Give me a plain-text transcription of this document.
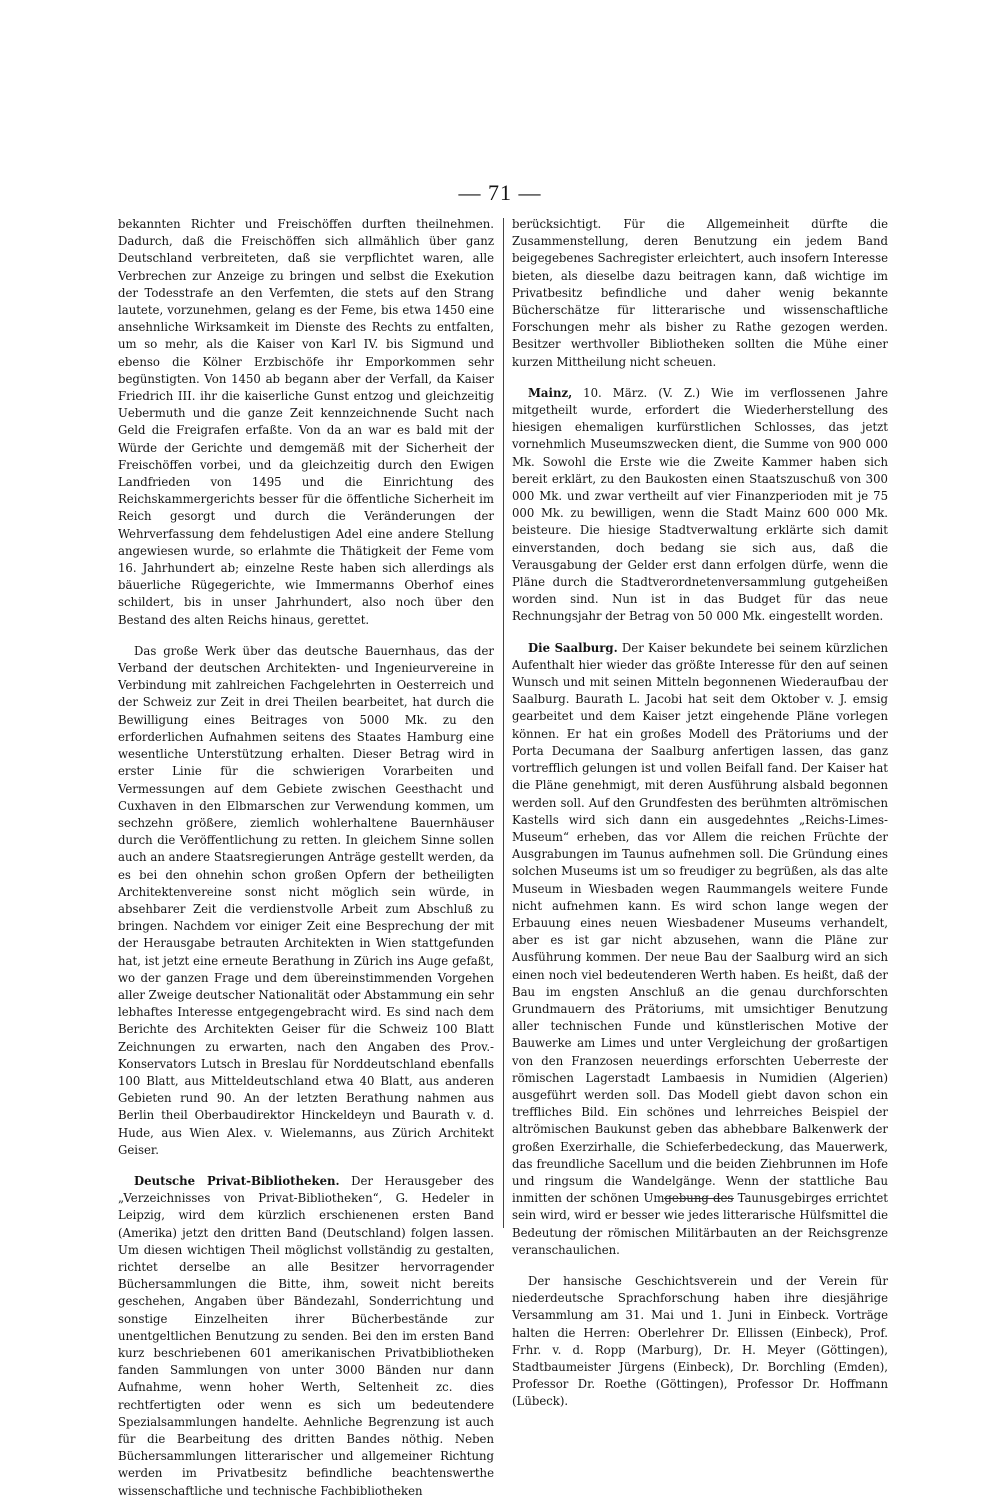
— 71 —

bekannten Richter und Freischöffen durften theilnehmen. Dadurch, daß die Freischöffen sich allmählich über ganz Deutschland verbreiteten, daß sie verpflichtet waren, alle Verbrechen zur Anzeige zu bringen und selbst die Exekution der Todesstrafe an den Verfemten, die stets auf den Strang lautete, vorzunehmen, gelang es der Feme, bis etwa 1450 eine ansehnliche Wirksamkeit im Dienste des Rechts zu entfalten, um so mehr, als die Kaiser von Karl IV. bis Sigmund und ebenso die Kölner Erzbischöfe ihr Emporkommen sehr begünstigten. Von 1450 ab begann aber der Verfall, da Kaiser Friedrich III. ihr die kaiserliche Gunst entzog und gleichzeitig Uebermuth und die ganze Zeit kennzeichnende Sucht nach Geld die Freigrafen erfaßte. Von da an war es bald mit der Würde der Gerichte und demgemäß mit der Sicherheit der Freischöffen vorbei, und da gleichzeitig durch den Ewigen Landfrieden von 1495 und die Einrichtung des Reichskammergerichts besser für die öffentliche Sicherheit im Reich gesorgt und durch die Veränderungen der Wehrverfassung dem fehdelustigen Adel eine andere Stellung angewiesen wurde, so erlahmte die Thätigkeit der Feme vom 16. Jahrhundert ab; einzelne Reste haben sich allerdings als bäuerliche Rügegerichte, wie Immermanns Oberhof eines schildert, bis in unser Jahrhundert, also noch über den Bestand des alten Reichs hinaus, gerettet.

Das große Werk über das deutsche Bauernhaus, das der Verband der deutschen Architekten- und Ingenieurvereine in Verbindung mit zahlreichen Fachgelehrten in Oesterreich und der Schweiz zur Zeit in drei Theilen bearbeitet, hat durch die Bewilligung eines Beitrages von 5000 Mk. zu den erforderlichen Aufnahmen seitens des Staates Hamburg eine wesentliche Unterstützung erhalten. Dieser Betrag wird in erster Linie für die schwierigen Vorarbeiten und Vermessungen auf dem Gebiete zwischen Geesthacht und Cuxhaven in den Elbmarschen zur Verwendung kommen, um sechzehn größere, ziemlich wohlerhaltene Bauernhäuser durch die Veröffentlichung zu retten. In gleichem Sinne sollen auch an andere Staatsregierungen Anträge gestellt werden, da es bei den ohnehin schon großen Opfern der betheiligten Architektenvereine sonst nicht möglich sein würde, in absehbarer Zeit die verdienstvolle Arbeit zum Abschluß zu bringen. Nachdem vor einiger Zeit eine Besprechung der mit der Herausgabe betrauten Architekten in Wien stattgefunden hat, ist jetzt eine erneute Berathung in Zürich ins Auge gefaßt, wo der ganzen Frage und dem übereinstimmenden Vorgehen aller Zweige deutscher Nationalität oder Abstammung ein sehr lebhaftes Interesse entgegengebracht wird. Es sind nach dem Berichte des Architekten Geiser für die Schweiz 100 Blatt Zeichnungen zu erwarten, nach den Angaben des Prov.-Konservators Lutsch in Breslau für Norddeutschland ebenfalls 100 Blatt, aus Mitteldeutschland etwa 40 Blatt, aus anderen Gebieten rund 90. An der letzten Berathung nahmen aus Berlin theil Oberbaudirektor Hinckeldeyn und Baurath v. d. Hude, aus Wien Alex. v. Wielemanns, aus Zürich Architekt Geiser.

Deutsche Privat-Bibliotheken. Der Herausgeber des „Verzeichnisses von Privat-Bibliotheken“, G. Hedeler in Leipzig, wird dem kürzlich erschienenen ersten Band (Amerika) jetzt den dritten Band (Deutschland) folgen lassen. Um diesen wichtigen Theil möglichst vollständig zu gestalten, richtet derselbe an alle Besitzer hervorragender Büchersammlungen die Bitte, ihm, soweit nicht bereits geschehen, Angaben über Bändezahl, Sonderrichtung und sonstige Einzelheiten ihrer Bücherbestände zur unentgeltlichen Benutzung zu senden. Bei den im ersten Band kurz beschriebenen 601 amerikanischen Privatbibliotheken fanden Sammlungen von unter 3000 Bänden nur dann Aufnahme, wenn hoher Werth, Seltenheit zc. dies rechtfertigten oder wenn es sich um bedeutendere Spezialsammlungen handelte. Aehnliche Begrenzung ist auch für die Bearbeitung des dritten Bandes nöthig. Neben Büchersammlungen litterarischer und allgemeiner Richtung werden im Privatbesitz befindliche beachtenswerthe wissenschaftliche und technische Fachbibliotheken

berücksichtigt. Für die Allgemeinheit dürfte die Zusammenstellung, deren Benutzung ein jedem Band beigegebenes Sachregister erleichtert, auch insofern Interesse bieten, als dieselbe dazu beitragen kann, daß wichtige im Privatbesitz befindliche und daher wenig bekannte Bücherschätze für litterarische und wissenschaftliche Forschungen mehr als bisher zu Rathe gezogen werden. Besitzer werthvoller Bibliotheken sollten die Mühe einer kurzen Mittheilung nicht scheuen.

Mainz, 10. März. (V. Z.) Wie im verflossenen Jahre mitgetheilt wurde, erfordert die Wiederherstellung des hiesigen ehemaligen kurfürstlichen Schlosses, das jetzt vornehmlich Museumszwecken dient, die Summe von 900 000 Mk. Sowohl die Erste wie die Zweite Kammer haben sich bereit erklärt, zu den Baukosten einen Staatszuschuß von 300 000 Mk. und zwar vertheilt auf vier Finanzperioden mit je 75 000 Mk. zu bewilligen, wenn die Stadt Mainz 600 000 Mk. beisteure. Die hiesige Stadtverwaltung erklärte sich damit einverstanden, doch bedang sie sich aus, daß die Verausgabung der Gelder erst dann erfolgen dürfe, wenn die Pläne durch die Stadtverordnetenversammlung gutgeheißen worden sind. Nun ist in das Budget für das neue Rechnungsjahr der Betrag von 50 000 Mk. eingestellt worden.

Die Saalburg. Der Kaiser bekundete bei seinem kürzlichen Aufenthalt hier wieder das größte Interesse für den auf seinen Wunsch und mit seinen Mitteln begonnenen Wiederaufbau der Saalburg. Baurath L. Jacobi hat seit dem Oktober v. J. emsig gearbeitet und dem Kaiser jetzt eingehende Pläne vorlegen können. Er hat ein großes Modell des Prätoriums und der Porta Decumana der Saalburg anfertigen lassen, das ganz vortrefflich gelungen ist und vollen Beifall fand. Der Kaiser hat die Pläne genehmigt, mit deren Ausführung alsbald begonnen werden soll. Auf den Grundfesten des berühmten altrömischen Kastells wird sich dann ein ausgedehntes „Reichs-Limes-Museum“ erheben, das vor Allem die reichen Früchte der Ausgrabungen im Taunus aufnehmen soll. Die Gründung eines solchen Museums ist um so freudiger zu begrüßen, als das alte Museum in Wiesbaden wegen Raummangels weitere Funde nicht aufnehmen kann. Es wird schon lange wegen der Erbauung eines neuen Wiesbadener Museums verhandelt, aber es ist gar nicht abzusehen, wann die Pläne zur Ausführung kommen. Der neue Bau der Saalburg wird an sich einen noch viel bedeutenderen Werth haben. Es heißt, daß der Bau im engsten Anschluß an die genau durchforschten Grundmauern des Prätoriums, mit umsichtiger Benutzung aller technischen Funde und künstlerischen Motive der Bauwerke am Limes und unter Vergleichung der großartigen von den Franzosen neuerdings erforschten Ueberreste der römischen Lagerstadt Lambaesis in Numidien (Algerien) ausgeführt werden soll. Das Modell giebt davon schon ein treffliches Bild. Ein schönes und lehrreiches Beispiel der altrömischen Baukunst geben das abhebbare Balkenwerk der großen Exerzirhalle, die Schieferbedeckung, das Mauerwerk, das freundliche Sacellum und die beiden Ziehbrunnen im Hofe und ringsum die Wandelgänge. Wenn der stattliche Bau inmitten der schönen Umgebung des Taunusgebirges errichtet sein wird, wird er besser wie jedes litterarische Hülfsmittel die Bedeutung der römischen Militärbauten an der Reichsgrenze veranschaulichen.

Der hansische Geschichtsverein und der Verein für niederdeutsche Sprachforschung haben ihre diesjährige Versammlung am 31. Mai und 1. Juni in Einbeck. Vorträge halten die Herren: Oberlehrer Dr. Ellissen (Einbeck), Prof. Frhr. v. d. Ropp (Marburg), Dr. H. Meyer (Göttingen), Stadtbaumeister Jürgens (Einbeck), Dr. Borchling (Emden), Professor Dr. Roethe (Göttingen), Professor Dr. Hoffmann (Lübeck).
